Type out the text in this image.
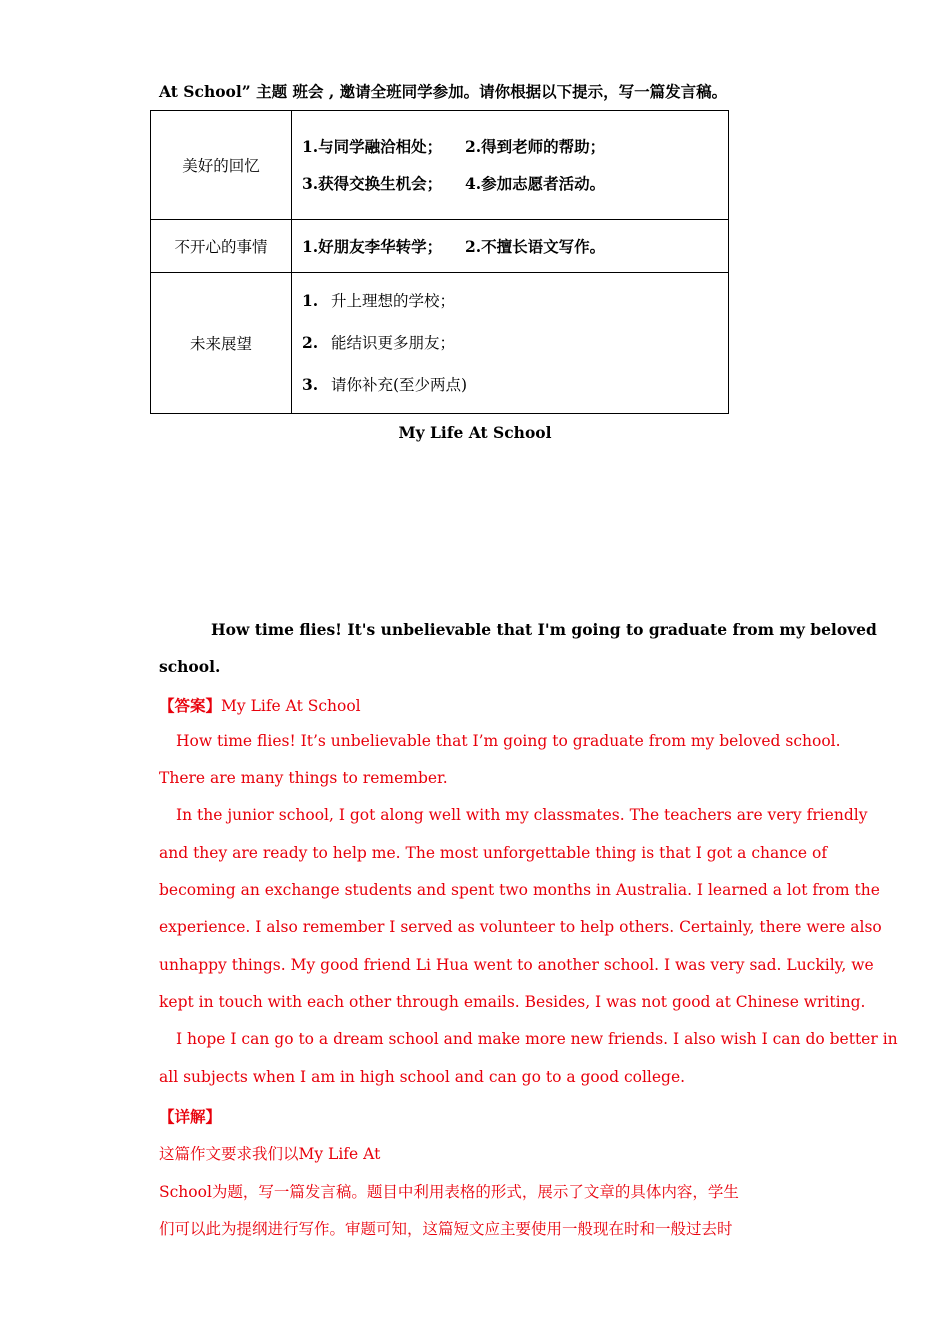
At School” 主题 班会 , 邀请全班同学参加。请你根据以下提示，写一篇发言稿。
美好的回忆	1.与同学融洽相处； 2.得到老师的帮助；
3.获得交换生机会； 4.参加志愿者活动。

不开心的事情	1.好朋友李华转学； 2.不擅长语文写作。

未来展望	1. 升上理想的学校；
2. 能结识更多朋友；
3. 请你补充(至少两点)
My Life At School
How time flies! It's unbelievable that I'm going to graduate from my beloved
school.
【答案】My Life At School
How time flies! It’s unbelievable that I’m going to graduate from my beloved school.
There are many things to remember.
In the junior school, I got along well with my classmates. The teachers are very friendly
and they are ready to help me. The most unforgettable thing is that I got a chance of
becoming an exchange students and spent two months in Australia. I learned a lot from the
experience. I also remember I served as volunteer to help others. Certainly, there were also
unhappy things. My good friend Li Hua went to another school. I was very sad. Luckily, we
kept in touch with each other through emails. Besides, I was not good at Chinese writing.
I hope I can go to a dream school and make more new friends. I also wish I can do better in
all subjects when I am in high school and can go to a good college.
【详解】
这篇作文要求我们以My Life At
School为题，写一篇发言稿。题目中利用表格的形式，展示了文章的具体内容，学生
们可以此为提纲进行写作。审题可知，这篇短文应主要使用一般现在时和一般过去时
